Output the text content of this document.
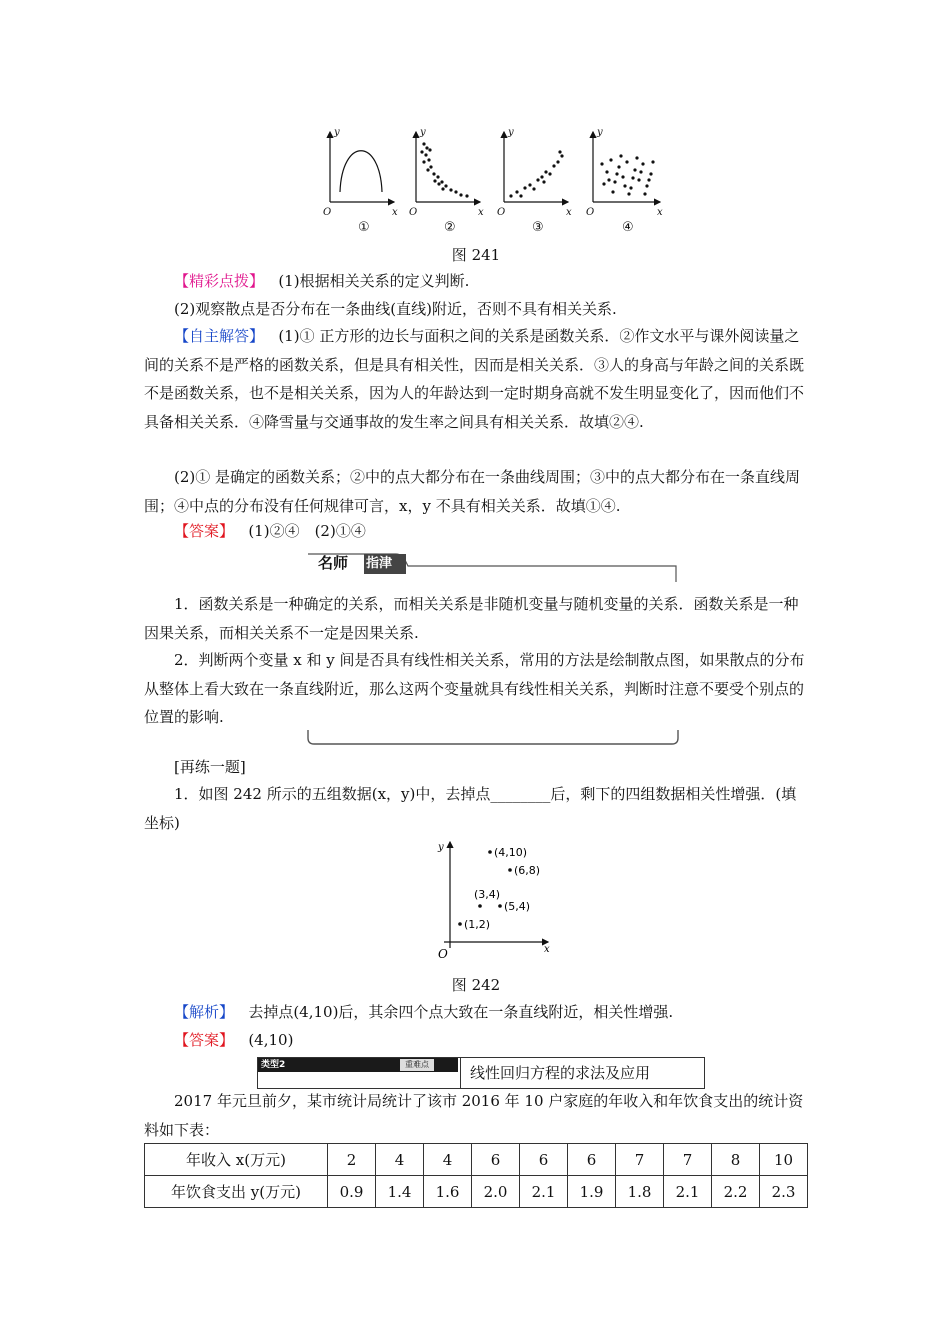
y
x
O
y
x
O
y
x
O
y
x
O
①	②	③	④
图 241
【精彩点拨】 (1)根据相关关系的定义判断.
(2)观察散点是否分布在一条曲线(直线)附近，否则不具有相关关系.
【自主解答】 (1)① 正方形的边长与面积之间的关系是函数关系．②作文水平与课外阅读量之间的关系不是严格的函数关系，但是具有相关性，因而是相关关系．③人的身高与年龄之间的关系既不是函数关系，也不是相关关系，因为人的年龄达到一定时期身高就不发生明显变化了，因而他们不具备相关关系．④降雪量与交通事故的发生率之间具有相关关系．故填②④.
(2)① 是确定的函数关系；②中的点大都分布在一条曲线周围；③中的点大都分布在一条直线周围；④中点的分布没有任何规律可言，x，y 不具有相关关系．故填①④.
【答案】 (1)②④　(2)①④
名师 指津
1．函数关系是一种确定的关系，而相关关系是非随机变量与随机变量的关系．函数关系是一种因果关系，而相关关系不一定是因果关系.
2．判断两个变量 x 和 y 间是否具有线性相关关系，常用的方法是绘制散点图，如果散点的分布从整体上看大致在一条直线附近，那么这两个变量就具有线性相关关系，判断时注意不要受个别点的位置的影响.
[再练一题]
1．如图 242 所示的五组数据(x，y)中，去掉点________后，剩下的四组数据相关性增强．(填坐标)
y
x
O
(4,10)
(6,8)
(3,4)
(5,4)
(1,2)
图 242
【解析】 去掉点(4,10)后，其余四个点大致在一条直线附近，相关性增强.
【答案】 (4,10)
类型2	重难点	线性回归方程的求法及应用
2017 年元旦前夕，某市统计局统计了该市 2016 年 10 户家庭的年收入和年饮食支出的统计资料如下表：
年收入 x(万元)	2	4	4	6	6	6	7	7	8	10
年饮食支出 y(万元)	0.9	1.4	1.6	2.0	2.1	1.9	1.8	2.1	2.2	2.3
